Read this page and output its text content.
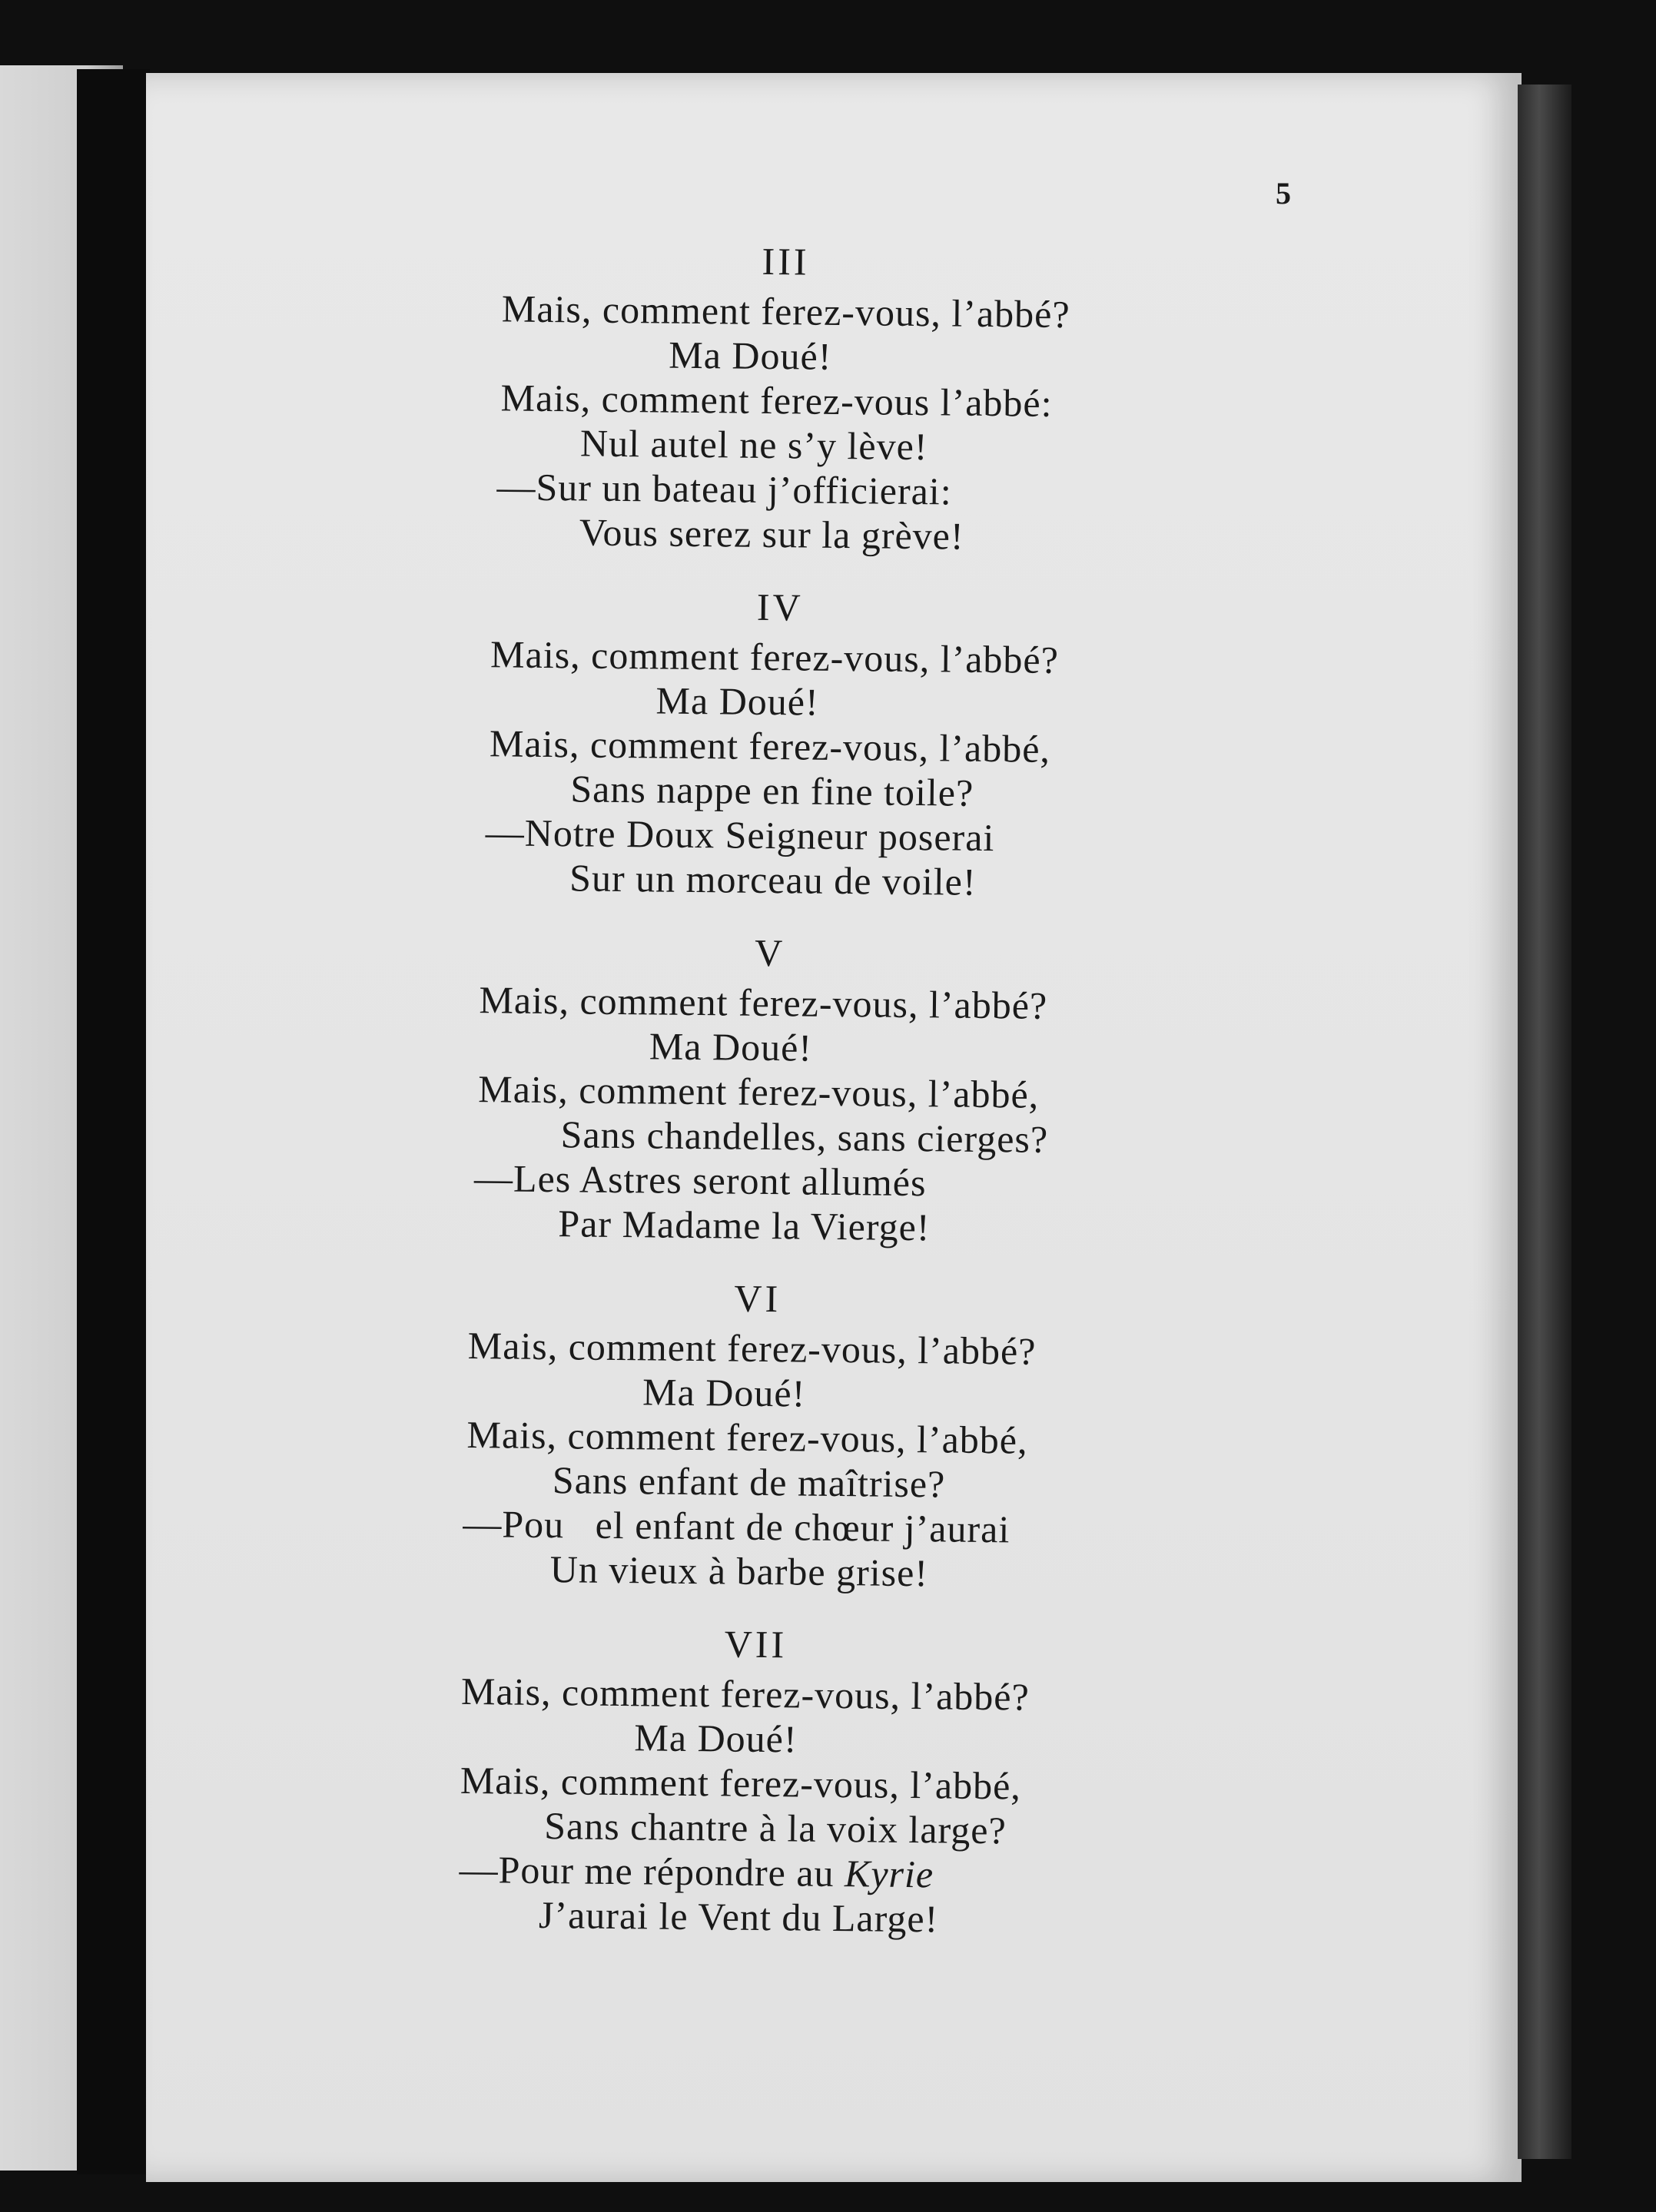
5
III
Mais, comment ferez-vous, l’abbé?
Ma Doué!
Mais, comment ferez-vous l’abbé:
Nul autel ne s’y lève!
—Sur un bateau j’officierai:
Vous serez sur la grève!
IV
Mais, comment ferez-vous, l’abbé?
Ma Doué!
Mais, comment ferez-vous, l’abbé,
Sans nappe en fine toile?
—Notre Doux Seigneur poserai
Sur un morceau de voile!
V
Mais, comment ferez-vous, l’abbé?
Ma Doué!
Mais, comment ferez-vous, l’abbé,
Sans chandelles, sans cierges?
—Les Astres seront allumés
Par Madame la Vierge!
VI
Mais, comment ferez-vous, l’abbé?
Ma Doué!
Mais, comment ferez-vous, l’abbé,
Sans enfant de maîtrise?
—Pou   el enfant de chœur j’aurai
Un vieux à barbe grise!
VII
Mais, comment ferez-vous, l’abbé?
Ma Doué!
Mais, comment ferez-vous, l’abbé,
Sans chantre à la voix large?
—Pour me répondre au Kyrie
J’aurai le Vent du Large!
